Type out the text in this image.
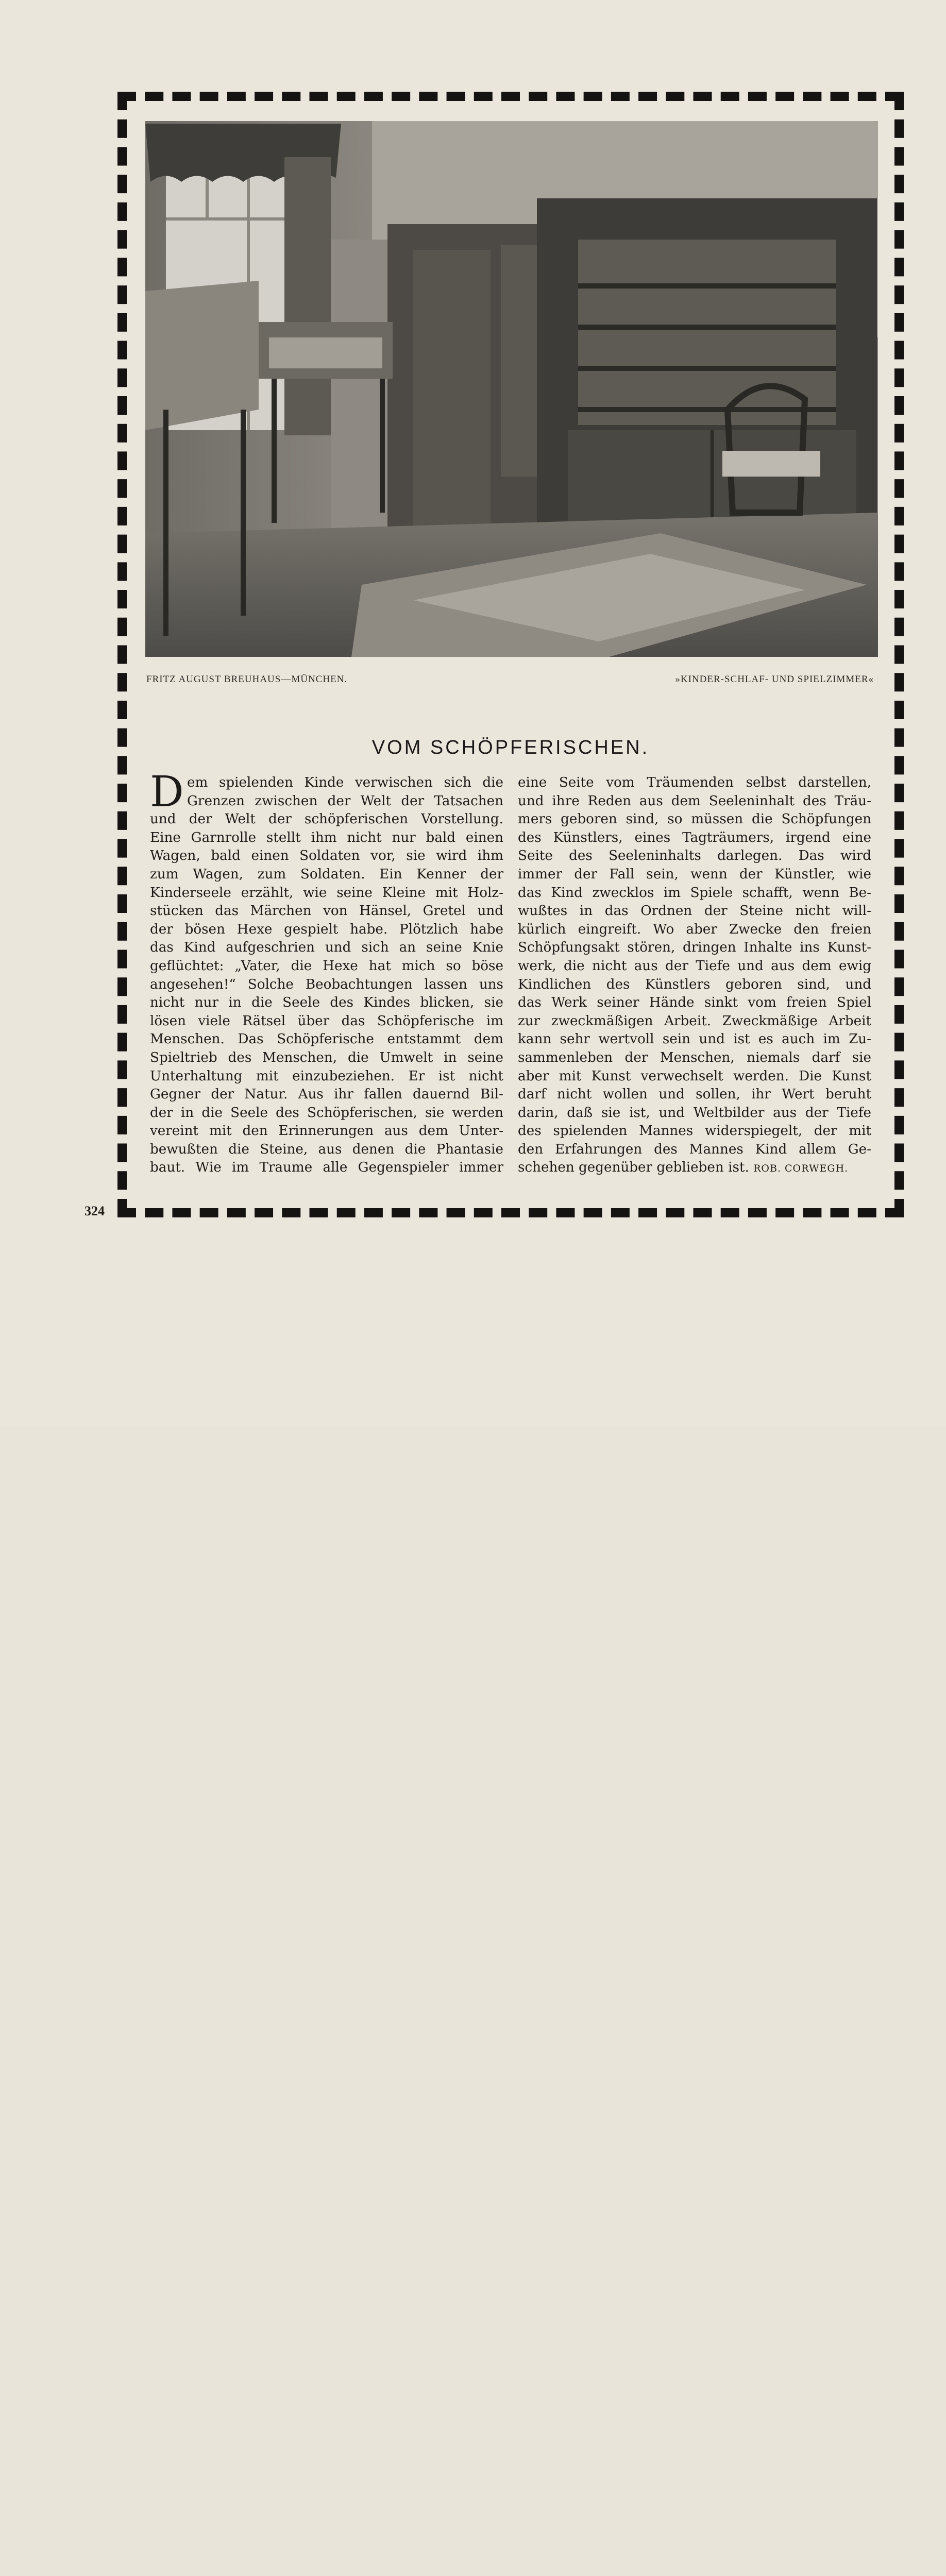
FRITZ AUGUST BREUHAUS—MÜNCHEN.	»KINDER-SCHLAF- UND SPIELZIMMER«
VOM SCHÖPFERISCHEN.
D em spielenden Kinde verwischen sich die
Grenzen zwischen der Welt der Tatsachen
und der Welt der schöpferischen Vorstellung.
Eine Garnrolle stellt ihm nicht nur bald einen
Wagen, bald einen Soldaten vor, sie wird ihm
zum Wagen, zum Soldaten. Ein Kenner der
Kinderseele erzählt, wie seine Kleine mit Holz-
stücken das Märchen von Hänsel, Gretel und
der bösen Hexe gespielt habe. Plötzlich habe
das Kind aufgeschrien und sich an seine Knie
geflüchtet: „Vater, die Hexe hat mich so böse
angesehen!“ Solche Beobachtungen lassen uns
nicht nur in die Seele des Kindes blicken, sie
lösen viele Rätsel über das Schöpferische im
Menschen. Das Schöpferische entstammt dem
Spieltrieb des Menschen, die Umwelt in seine
Unterhaltung mit einzubeziehen. Er ist nicht
Gegner der Natur. Aus ihr fallen dauernd Bil-
der in die Seele des Schöpferischen, sie werden
vereint mit den Erinnerungen aus dem Unter-
bewußten die Steine, aus denen die Phantasie
baut. Wie im Traume alle Gegenspieler immer
eine Seite vom Träumenden selbst darstellen,
und ihre Reden aus dem Seeleninhalt des Träu-
mers geboren sind, so müssen die Schöpfungen
des Künstlers, eines Tagträumers, irgend eine
Seite des Seeleninhalts darlegen. Das wird
immer der Fall sein, wenn der Künstler, wie
das Kind zwecklos im Spiele schafft, wenn Be-
wußtes in das Ordnen der Steine nicht will-
kürlich eingreift. Wo aber Zwecke den freien
Schöpfungsakt stören, dringen Inhalte ins Kunst-
werk, die nicht aus der Tiefe und aus dem ewig
Kindlichen des Künstlers geboren sind, und
das Werk seiner Hände sinkt vom freien Spiel
zur zweckmäßigen Arbeit. Zweckmäßige Arbeit
kann sehr wertvoll sein und ist es auch im Zu-
sammenleben der Menschen, niemals darf sie
aber mit Kunst verwechselt werden. Die Kunst
darf nicht wollen und sollen, ihr Wert beruht
darin, daß sie ist, und Weltbilder aus der Tiefe
des spielenden Mannes widerspiegelt, der mit
den Erfahrungen des Mannes Kind allem Ge-
schehen gegenüber geblieben ist. ROB. CORWEGH.
324
